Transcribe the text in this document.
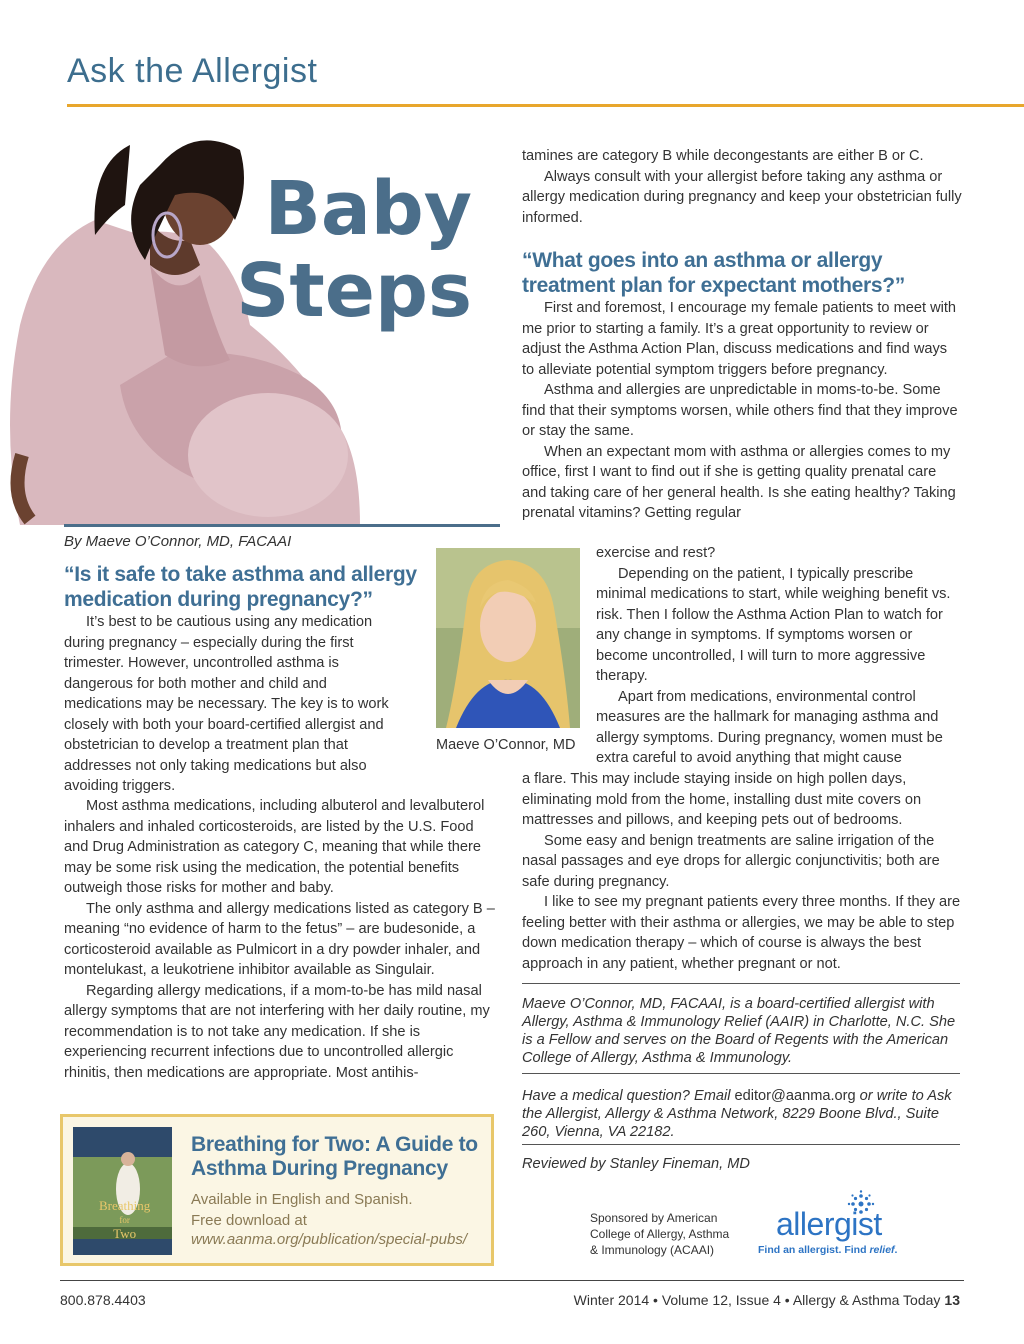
Ask the Allergist
Baby
Steps
By Maeve O’Connor, MD, FACAAI
“Is it safe to take asthma and allergy medication during pregnancy?”

It’s best to be cautious using any medication during pregnancy – especially during the first trimester. However, uncontrolled asthma is dangerous for both mother and child and medications may be necessary. The key is to work closely with both your board-certified allergist and obstetrician to develop a treatment plan that addresses not only taking medications but also avoiding triggers.

Maeve O’Connor, MD

Most asthma medications, including albuterol and levalbuterol inhalers and inhaled corticosteroids, are listed by the U.S. Food and Drug Administration as category C, meaning that while there may be some risk using the medication, the potential benefits outweigh those risks for mother and baby.

The only asthma and allergy medications listed as category B – meaning “no evidence of harm to the fetus” – are budesonide, a corticosteroid available as Pulmicort in a dry powder inhaler, and montelukast, a leukotriene inhibitor available as Singulair.

Regarding allergy medications, if a mom-to-be has mild nasal allergy symptoms that are not interfering with her daily routine, my recommendation is to not take any medication. If she is experiencing recurrent infections due to uncontrolled allergic rhinitis, then medications are appropriate. Most antihis-

tamines are category B while decongestants are either B or C.

Always consult with your allergist before taking any asthma or allergy medication during pregnancy and keep your obstetrician fully informed.

“What goes into an asthma or allergy treatment plan for expectant mothers?”

First and foremost, I encourage my female patients to meet with me prior to starting a family. It’s a great opportunity to review or adjust the Asthma Action Plan, discuss medications and find ways to alleviate potential symptom triggers before pregnancy.

Asthma and allergies are unpredictable in moms-to-be. Some find that their symptoms worsen, while others find that they improve or stay the same.

When an expectant mom with asthma or allergies comes to my office, first I want to find out if she is getting quality prenatal care and taking care of her general health. Is she eating healthy? Taking prenatal vitamins? Getting regular

exercise and rest?

Depending on the patient, I typically prescribe minimal medications to start, while weighing benefit vs. risk. Then I follow the Asthma Action Plan to watch for any change in symptoms. If symptoms worsen or become uncontrolled, I will turn to more aggressive therapy.

Apart from medications, environmental control measures are the hallmark for managing asthma and allergy symptoms. During pregnancy, women must be extra careful to avoid anything that might cause

a flare. This may include staying inside on high pollen days, eliminating mold from the home, installing dust mite covers on mattresses and pillows, and keeping pets out of bedrooms.

Some easy and benign treatments are saline irrigation of the nasal passages and eye drops for allergic conjunctivitis; both are safe during pregnancy.

I like to see my pregnant patients every three months. If they are feeling better with their asthma or allergies, we may be able to step down medication therapy – which of course is always the best approach in any patient, whether pregnant or not.

Maeve O’Connor, MD, FACAAI, is a board-certified allergist with Allergy, Asthma & Immunology Relief (AAIR) in Charlotte, N.C. She is a Fellow and serves on the Board of Regents with the American College of Allergy, Asthma & Immunology.
Have a medical question? Email editor@aanma.org or write to Ask the Allergist, Allergy & Asthma Network, 8229 Boone Blvd., Suite 260, Vienna, VA 22182.
Reviewed by Stanley Fineman, MD
Breathing
for
Two
Breathing for Two: A Guide to Asthma During Pregnancy
Available in English and Spanish.
Free download at
www.aanma.org/publication/special-pubs/
Sponsored by American College of Allergy, Asthma & Immunology (ACAAI)
allergist
Find an allergist. Find relief.
800.878.4403	Winter 2014 • Volume 12, Issue 4 • Allergy & Asthma Today 13
